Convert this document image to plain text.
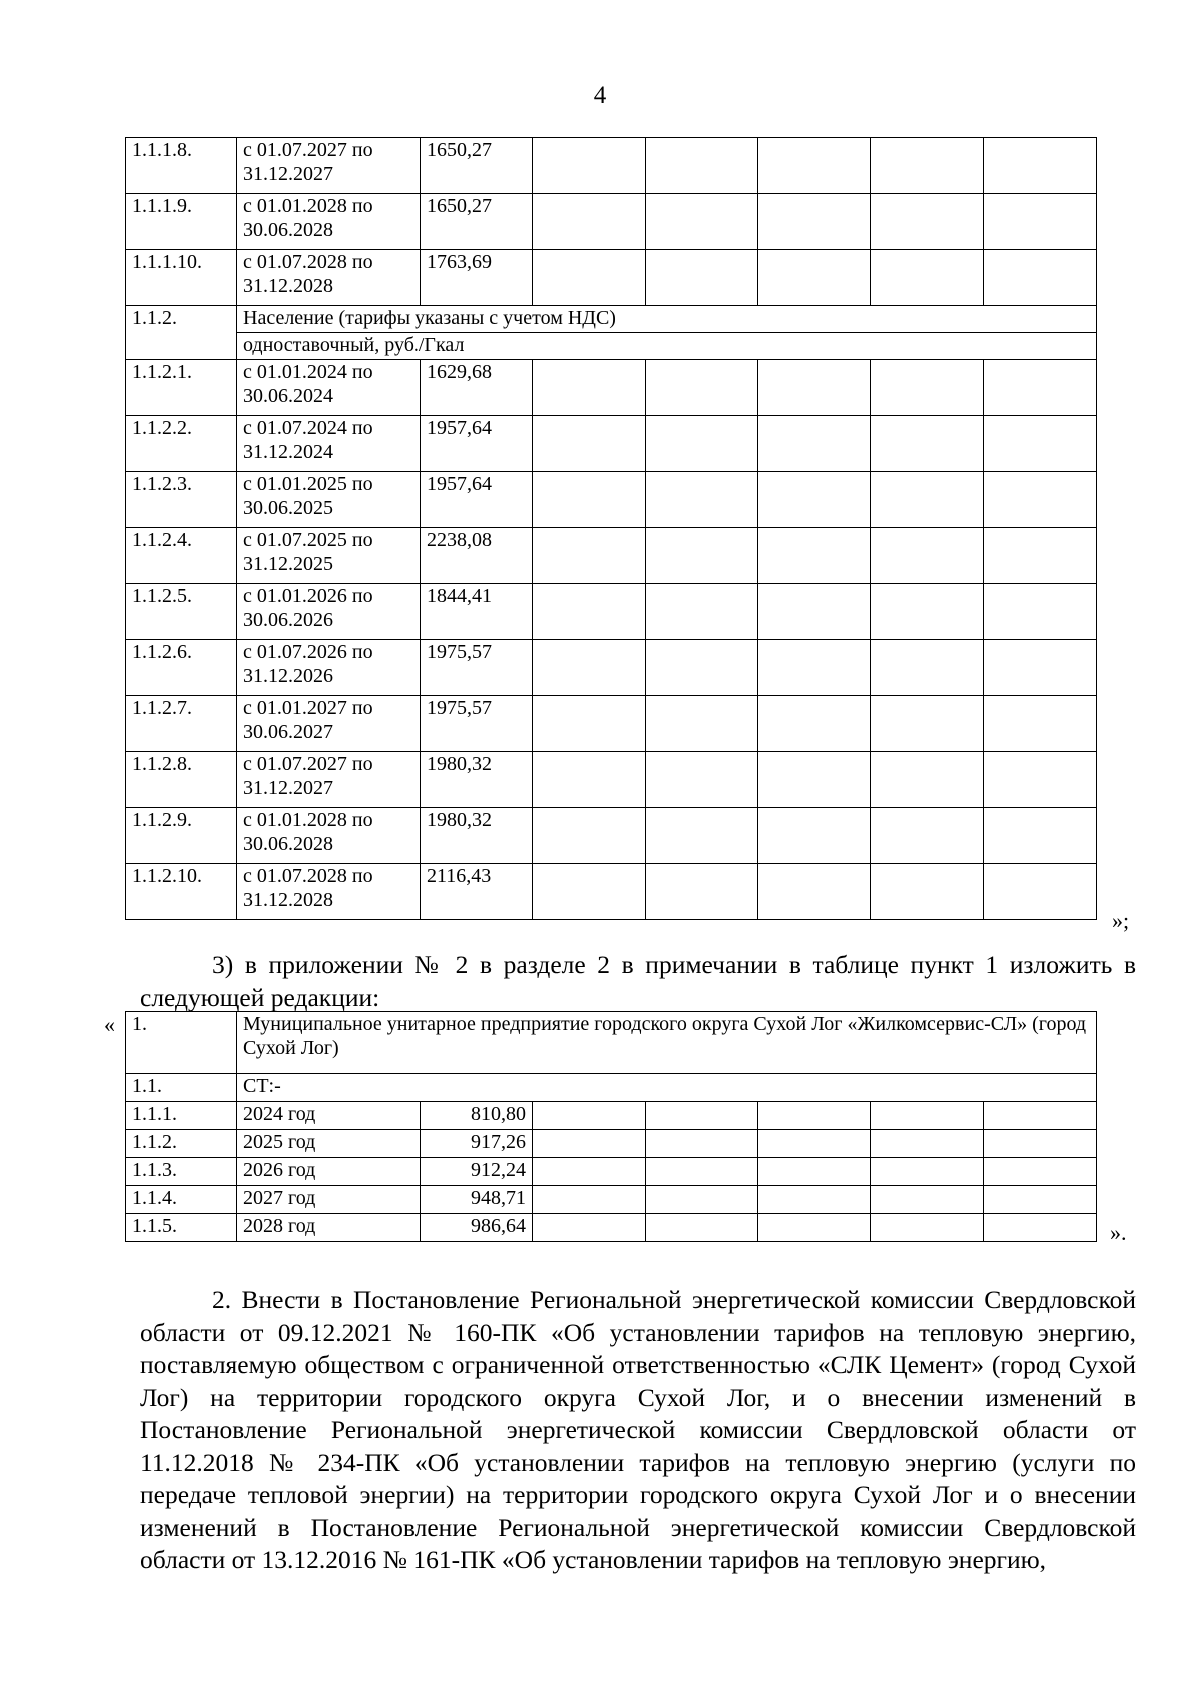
4
1.1.1.8.	с 01.07.2027 по 31.12.2027	1650,27					
1.1.1.9.	с 01.01.2028 по 30.06.2028	1650,27					
1.1.1.10.	с 01.07.2028 по 31.12.2028	1763,69					
1.1.2.	Население (тарифы указаны с учетом НДС)						
	одноставочный, руб./Гкал						
1.1.2.1.	с 01.01.2024 по 30.06.2024	1629,68					
1.1.2.2.	с 01.07.2024 по 31.12.2024	1957,64					
1.1.2.3.	с 01.01.2025 по 30.06.2025	1957,64					
1.1.2.4.	с 01.07.2025 по 31.12.2025	2238,08					
1.1.2.5.	с 01.01.2026 по 30.06.2026	1844,41					
1.1.2.6.	с 01.07.2026 по 31.12.2026	1975,57					
1.1.2.7.	с 01.01.2027 по 30.06.2027	1975,57					
1.1.2.8.	с 01.07.2027 по 31.12.2027	1980,32					
1.1.2.9.	с 01.01.2028 по 30.06.2028	1980,32					
1.1.2.10.	с 01.07.2028 по 31.12.2028	2116,43					
»;

3) в приложении № 2 в разделе 2 в примечании в таблице пункт 1 изложить в следующей редакции:

« 1.	Муниципальное унитарное предприятие городского округа Сухой Лог «Жилкомсервис-СЛ» (город Сухой Лог)						
1.1.	СТ:-						
1.1.1.	2024 год	810,80					
1.1.2.	2025 год	917,26					
1.1.3.	2026 год	912,24					
1.1.4.	2027 год	948,71					
1.1.5.	2028 год	986,64						».

2. Внести в Постановление Региональной энергетической комиссии Свердловской области от 09.12.2021 № 160-ПК «Об установлении тарифов на тепловую энергию, поставляемую обществом с ограниченной ответственностью «СЛК Цемент» (город Сухой Лог) на территории городского округа Сухой Лог, и о внесении изменений в Постановление Региональной энергетической комиссии Свердловской области от 11.12.2018 № 234-ПК «Об установлении тарифов на тепловую энергию (услуги по передаче тепловой энергии) на территории городского округа Сухой Лог и о внесении изменений в Постановление Региональной энергетической комиссии Свердловской области от 13.12.2016 № 161-ПК «Об установлении тарифов на тепловую энергию,
